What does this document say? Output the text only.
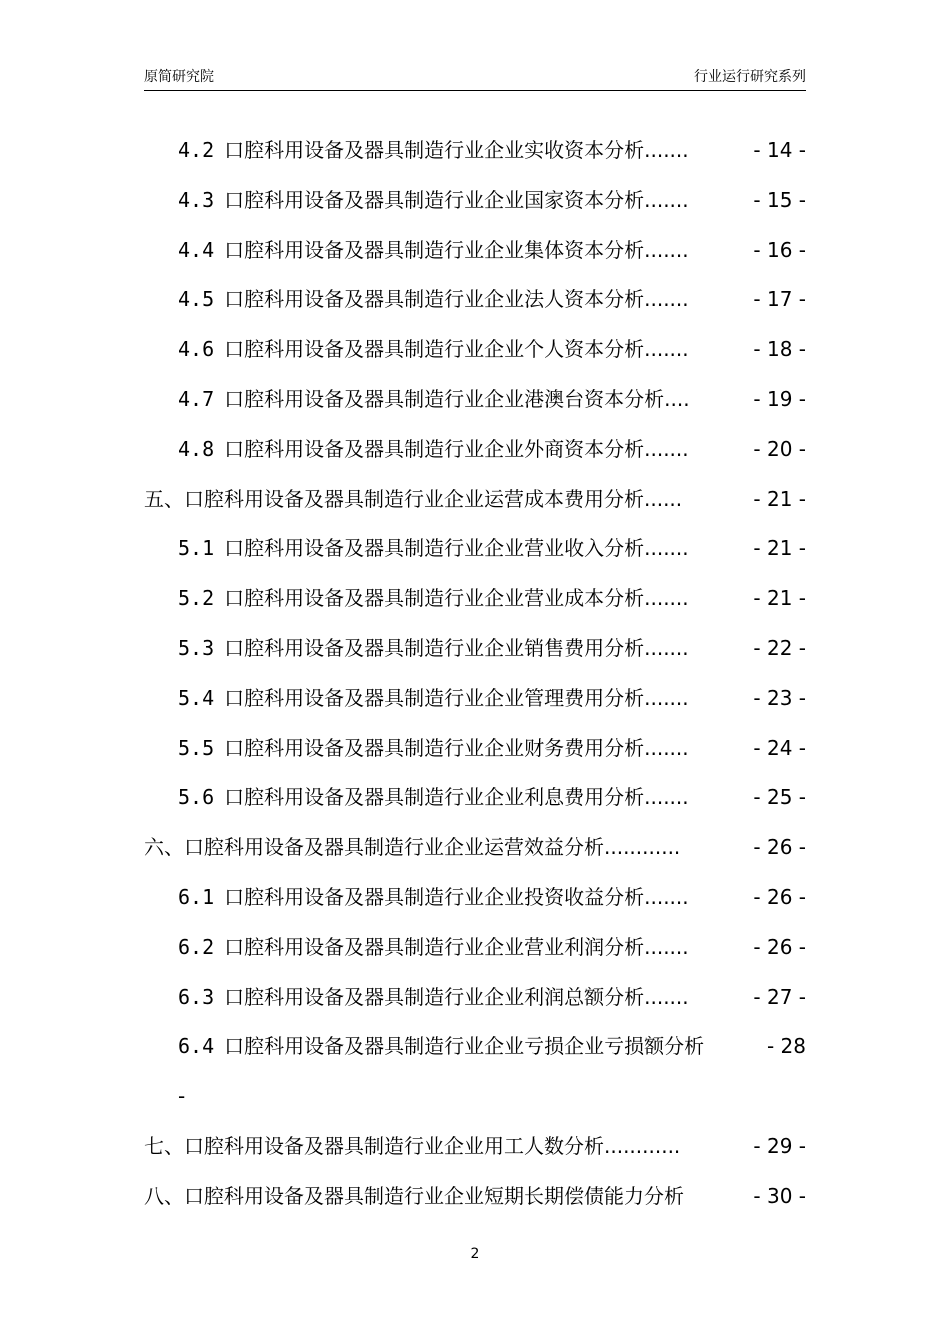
原简研究院	行业运行研究系列
4.2 口腔科用设备及器具制造行业企业实收资本分析.......	- 14 -
4.3 口腔科用设备及器具制造行业企业国家资本分析.......	- 15 -
4.4 口腔科用设备及器具制造行业企业集体资本分析.......	- 16 -
4.5 口腔科用设备及器具制造行业企业法人资本分析.......	- 17 -
4.6 口腔科用设备及器具制造行业企业个人资本分析.......	- 18 -
4.7 口腔科用设备及器具制造行业企业港澳台资本分析....	- 19 -
4.8 口腔科用设备及器具制造行业企业外商资本分析.......	- 20 -
五、口腔科用设备及器具制造行业企业运营成本费用分析......	- 21 -
5.1 口腔科用设备及器具制造行业企业营业收入分析.......	- 21 -
5.2 口腔科用设备及器具制造行业企业营业成本分析.......	- 21 -
5.3 口腔科用设备及器具制造行业企业销售费用分析.......	- 22 -
5.4 口腔科用设备及器具制造行业企业管理费用分析.......	- 23 -
5.5 口腔科用设备及器具制造行业企业财务费用分析.......	- 24 -
5.6 口腔科用设备及器具制造行业企业利息费用分析.......	- 25 -
六、口腔科用设备及器具制造行业企业运营效益分析............	- 26 -
6.1 口腔科用设备及器具制造行业企业投资收益分析.......	- 26 -
6.2 口腔科用设备及器具制造行业企业营业利润分析.......	- 26 -
6.3 口腔科用设备及器具制造行业企业利润总额分析.......	- 27 -
6.4 口腔科用设备及器具制造行业企业亏损企业亏损额分析	- 28
-
七、口腔科用设备及器具制造行业企业用工人数分析............	- 29 -
八、口腔科用设备及器具制造行业企业短期长期偿债能力分析	- 30 -
2
